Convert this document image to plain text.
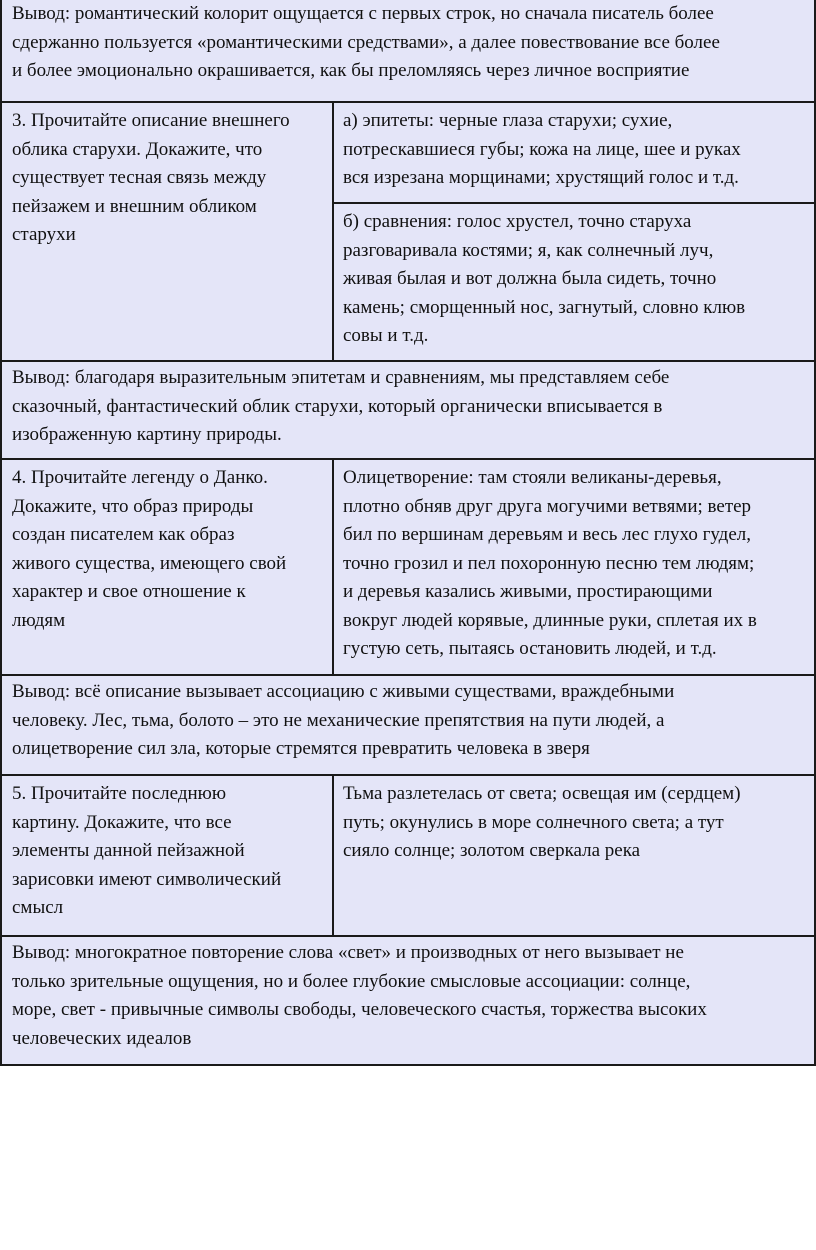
Вывод: романтический колорит ощущается с первых строк, но сначала писатель более

сдержанно пользуется «романтическими средствами», а далее повествование все более

и более эмоционально окрашивается, как бы преломляясь через личное восприятие

3. Прочитайте описание внешнего

облика старухи. Докажите, что

существует тесная связь между

пейзажем и внешним обликом

старухи

а) эпитеты: черные глаза старухи; сухие,

потрескавшиеся губы; кожа на лице, шее и руках

вся изрезана морщинами; хрустящий голос и т.д.

б) сравнения: голос хрустел, точно старуха

разговаривала костями; я, как солнечный луч,

живая былая и вот должна была сидеть, точно

камень; сморщенный нос, загнутый, словно клюв

совы и т.д.

Вывод: благодаря выразительным эпитетам и сравнениям, мы представляем себе

сказочный, фантастический облик старухи, который органически вписывается в

изображенную картину природы.

4. Прочитайте легенду о Данко.

Докажите, что образ природы

создан писателем как образ

живого существа, имеющего свой

характер и свое отношение к

людям

Олицетворение: там стояли великаны-деревья,

плотно обняв друг друга могучими ветвями; ветер

бил по вершинам деревьям и весь лес глухо гудел,

точно грозил и пел похоронную песню тем людям;

и деревья казались живыми, простирающими

вокруг людей корявые, длинные руки, сплетая их в

густую сеть, пытаясь остановить людей, и т.д.

Вывод: всё описание вызывает ассоциацию с живыми существами, враждебными

человеку. Лес, тьма, болото – это не механические препятствия на пути людей, а

олицетворение сил зла, которые стремятся превратить человека в зверя

5. Прочитайте последнюю

картину. Докажите, что все

элементы данной пейзажной

зарисовки имеют символический

смысл

Тьма разлетелась от света; освещая им (сердцем)

путь; окунулись в море солнечного света; а тут

сияло солнце; золотом сверкала река

Вывод: многократное повторение слова «свет» и производных от него вызывает не

только зрительные ощущения, но и более глубокие смысловые ассоциации: солнце,

море, свет - привычные символы свободы, человеческого счастья, торжества высоких

человеческих идеалов
